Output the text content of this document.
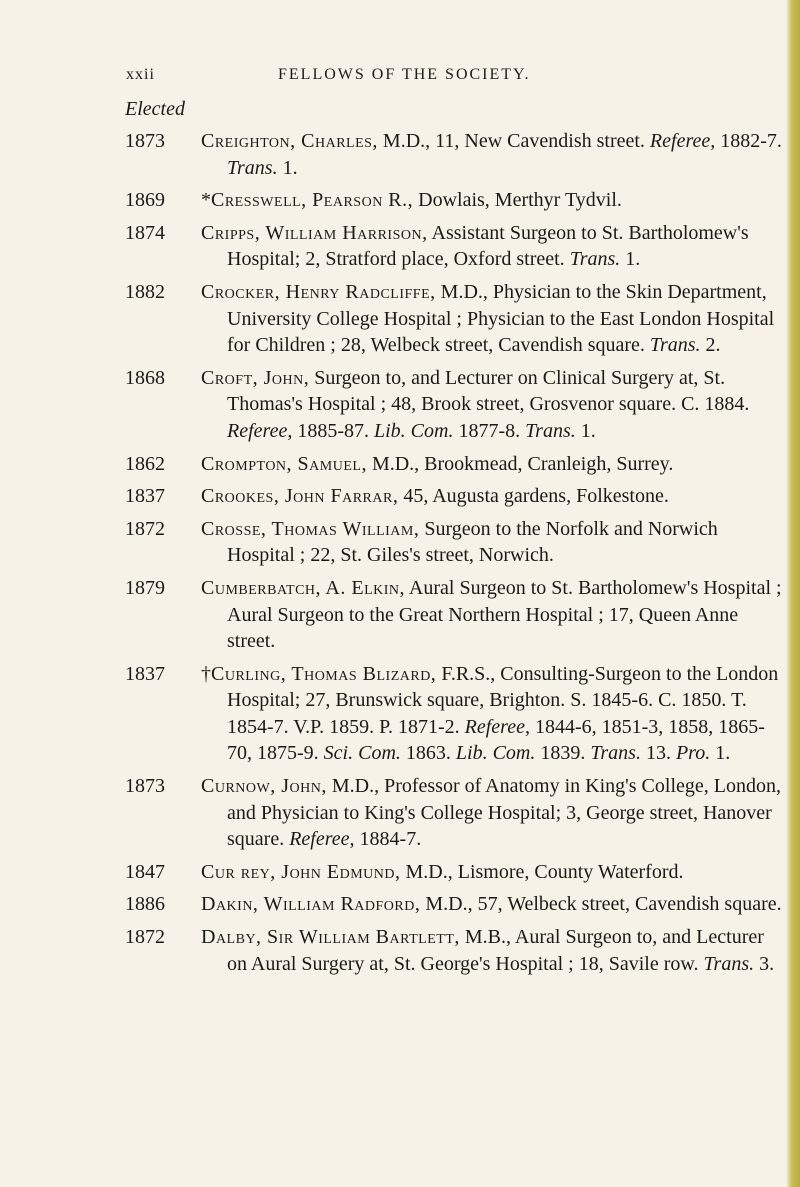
xxii	FELLOWS OF THE SOCIETY.
Elected
1873	Creighton, Charles, M.D., 11, New Cavendish street. Referee, 1882-7. Trans. 1.
1869	*Cresswell, Pearson R., Dowlais, Merthyr Tydvil.
1874	Cripps, William Harrison, Assistant Surgeon to St. Bartholomew's Hospital; 2, Stratford place, Oxford street. Trans. 1.
1882	Crocker, Henry Radcliffe, M.D., Physician to the Skin Department, University College Hospital ; Physician to the East London Hospital for Children ; 28, Welbeck street, Cavendish square. Trans. 2.
1868	Croft, John, Surgeon to, and Lecturer on Clinical Surgery at, St. Thomas's Hospital ; 48, Brook street, Grosvenor square. C. 1884. Referee, 1885-87. Lib. Com. 1877-8. Trans. 1.
1862	Crompton, Samuel, M.D., Brookmead, Cranleigh, Surrey.
1837	Crookes, John Farrar, 45, Augusta gardens, Folkestone.
1872	Crosse, Thomas William, Surgeon to the Norfolk and Norwich Hospital ; 22, St. Giles's street, Norwich.
1879	Cumberbatch, A. Elkin, Aural Surgeon to St. Bartholomew's Hospital ; Aural Surgeon to the Great Northern Hospital ; 17, Queen Anne street.
1837	†Curling, Thomas Blizard, F.R.S., Consulting-Surgeon to the London Hospital; 27, Brunswick square, Brighton. S. 1845-6. C. 1850. T. 1854-7. V.P. 1859. P. 1871-2. Referee, 1844-6, 1851-3, 1858, 1865-70, 1875-9. Sci. Com. 1863. Lib. Com. 1839. Trans. 13. Pro. 1.
1873	Curnow, John, M.D., Professor of Anatomy in King's College, London, and Physician to King's College Hospital; 3, George street, Hanover square. Referee, 1884-7.
1847	Cur rey, John Edmund, M.D., Lismore, County Waterford.
1886	Dakin, William Radford, M.D., 57, Welbeck street, Cavendish square.
1872	Dalby, Sir William Bartlett, M.B., Aural Surgeon to, and Lecturer on Aural Surgery at, St. George's Hospital ; 18, Savile row. Trans. 3.
